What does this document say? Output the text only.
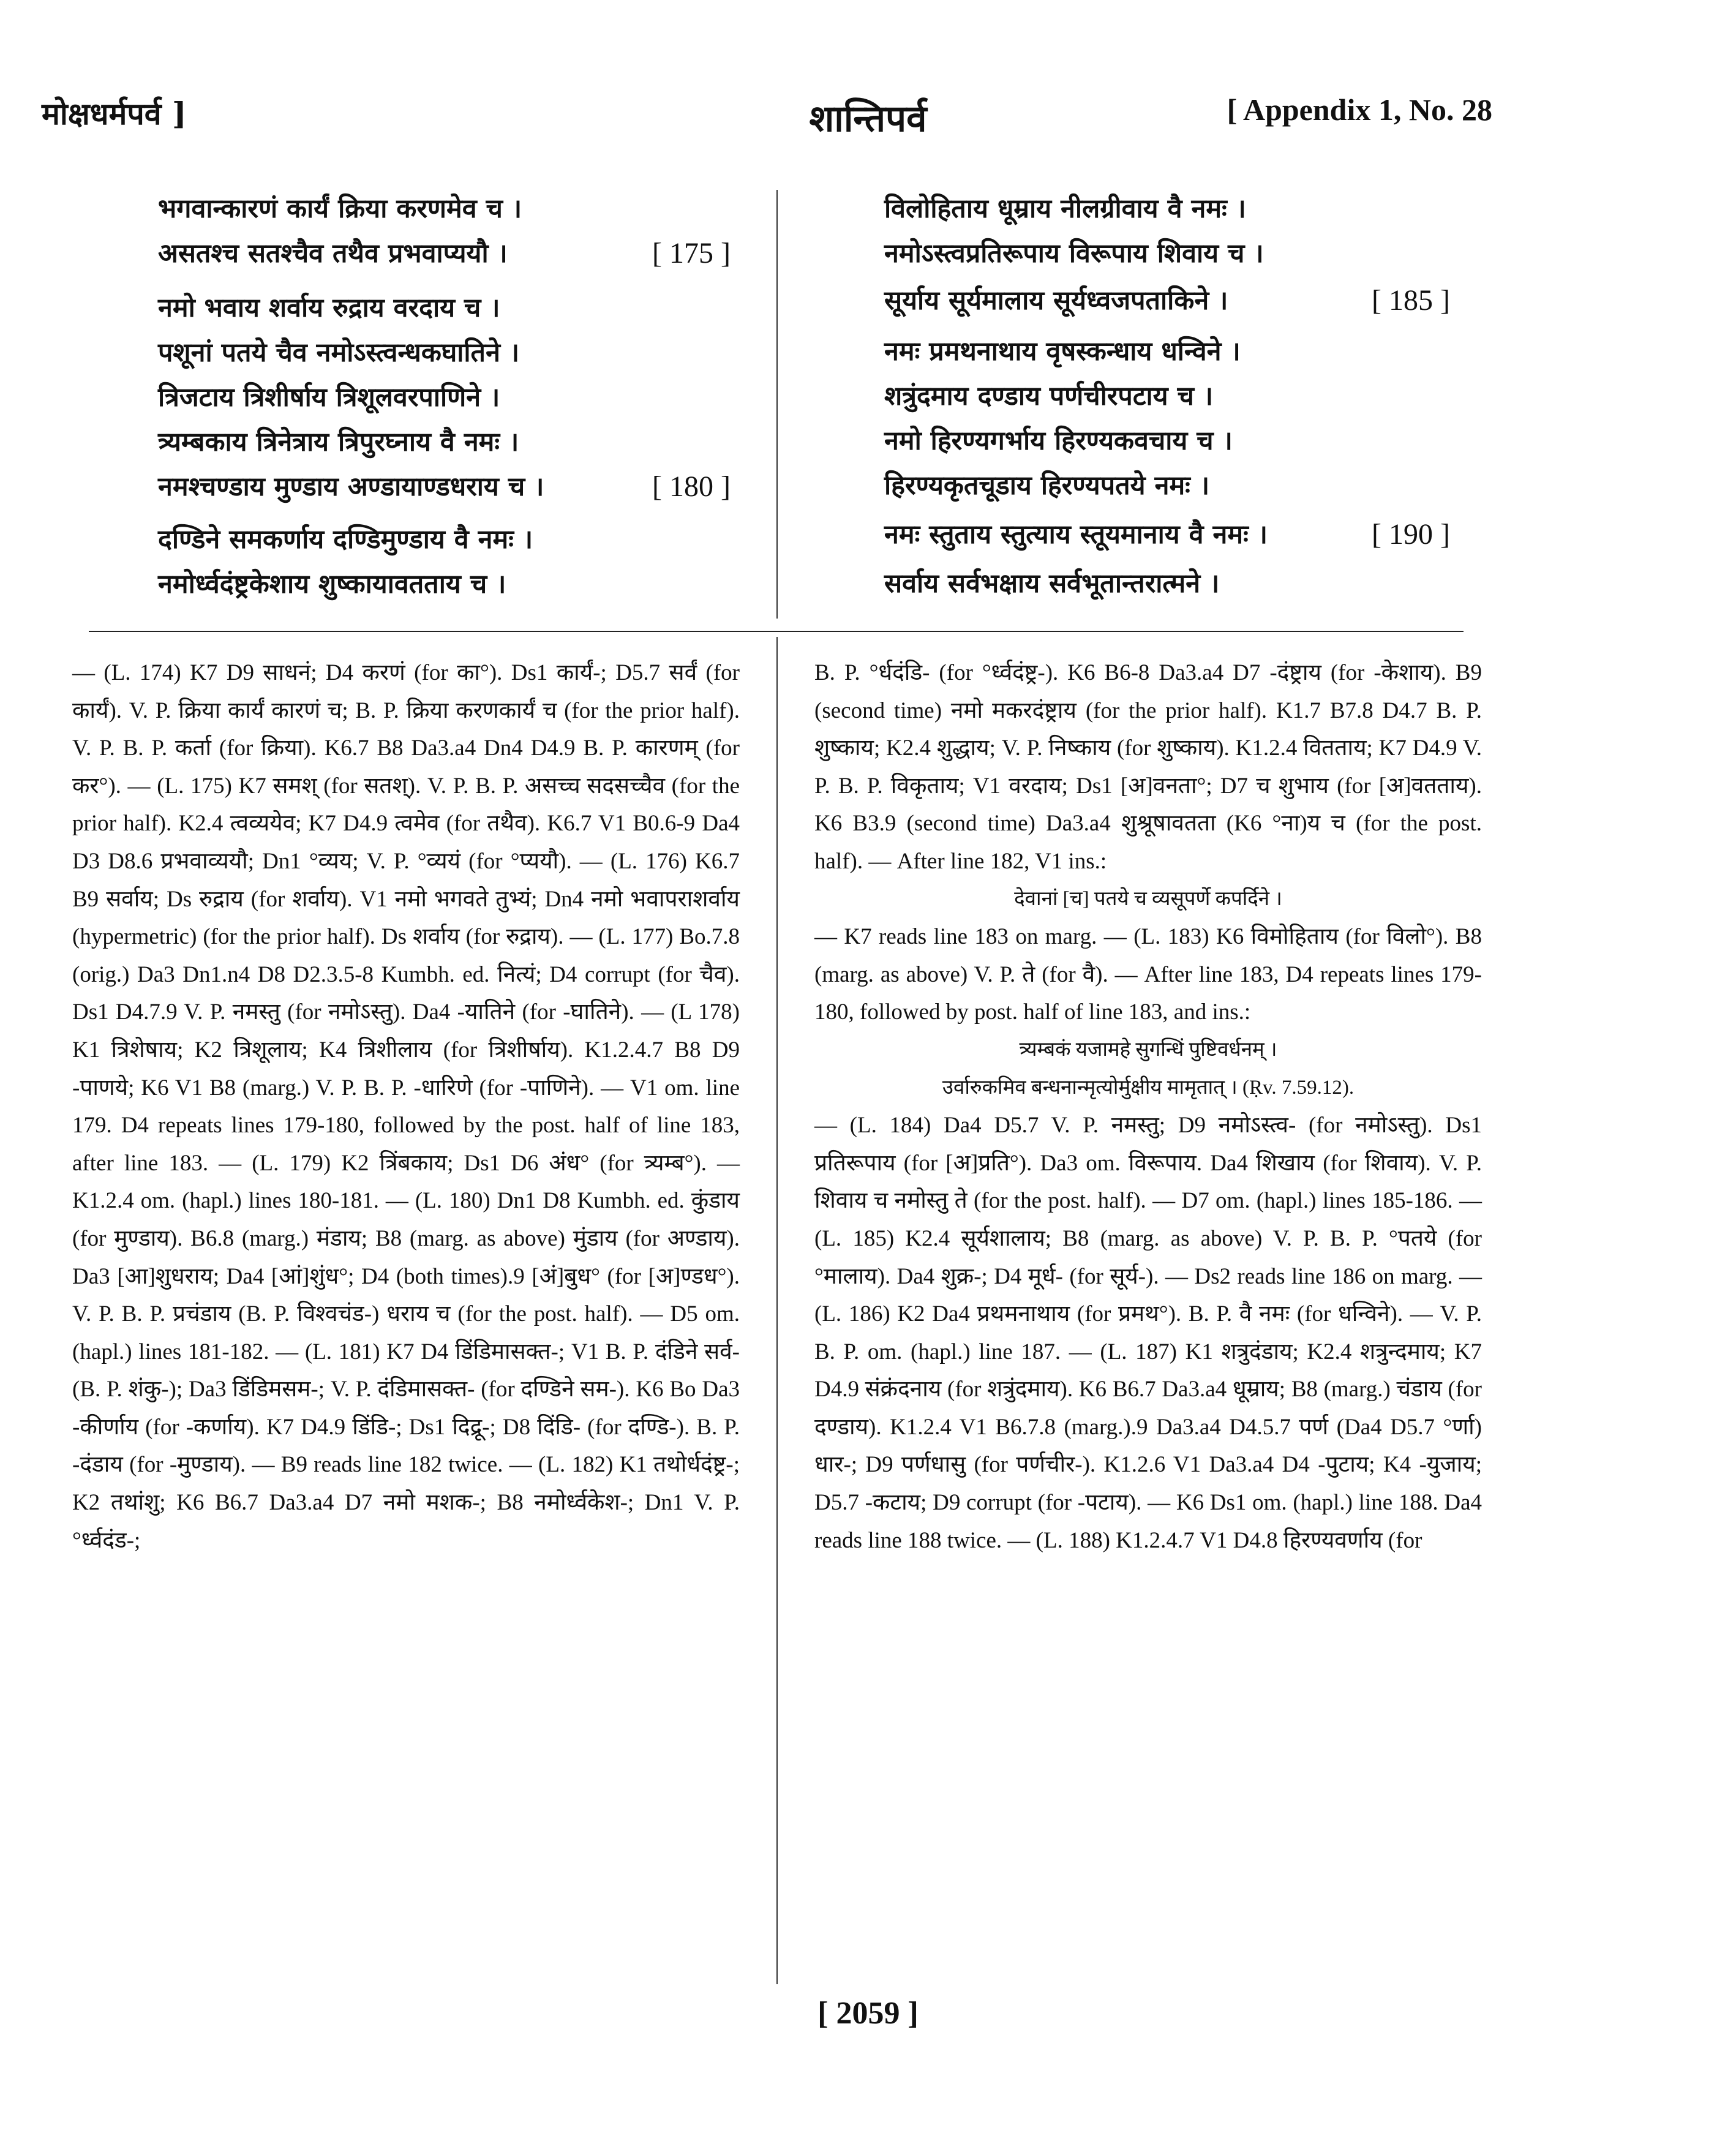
मोक्षधर्मपर्व ]	शान्तिपर्व	[ Appendix 1, No. 28
भगवान्कारणं कार्यं क्रिया करणमेव च ।
असतश्च सतश्चैव तथैव प्रभवाप्ययौ ।	[ 175 ]
नमो भवाय शर्वाय रुद्राय वरदाय च ।
पशूनां पतये चैव नमोऽस्त्वन्धकघातिने ।
त्रिजटाय त्रिशीर्षाय त्रिशूलवरपाणिने ।
त्र्यम्बकाय त्रिनेत्राय त्रिपुरघ्नाय वै नमः ।
नमश्चण्डाय मुण्डाय अण्डायाण्डधराय च ।	[ 180 ]
दण्डिने समकर्णाय दण्डिमुण्डाय वै नमः ।
नमोर्ध्वदंष्ट्रकेशाय शुष्कायावतताय च ।
विलोहिताय धूम्राय नीलग्रीवाय वै नमः ।
नमोऽस्त्वप्रतिरूपाय विरूपाय शिवाय च ।
सूर्याय सूर्यमालाय सूर्यध्वजपताकिने ।	[ 185 ]
नमः प्रमथनाथाय वृषस्कन्धाय धन्विने ।
शत्रुंदमाय दण्डाय पर्णचीरपटाय च ।
नमो हिरण्यगर्भाय हिरण्यकवचाय च ।
हिरण्यकृतचूडाय हिरण्यपतये नमः ।
नमः स्तुताय स्तुत्याय स्तूयमानाय वै नमः ।	[ 190 ]
सर्वाय सर्वभक्षाय सर्वभूतान्तरात्मने ।

— (L. 174) K7 D9 साधनं; D4 करणं (for का°). Ds1 कार्यं-; D5.7 सर्वं (for कार्यं). V. P. क्रिया कार्यं कारणं च; B. P. क्रिया करणकार्यं च (for the prior half). V. P. B. P. कर्ता (for क्रिया). K6.7 B8 Da3.a4 Dn4 D4.9 B. P. कारणम् (for कर°). — (L. 175) K7 समश् (for सतश्). V. P. B. P. असच्च सदसच्चैव (for the prior half). K2.4 त्वव्ययेव; K7 D4.9 त्वमेव (for तथैव). K6.7 V1 B0.6-9 Da4 D3 D8.6 प्रभवाव्ययौ; Dn1 °व्यय; V. P. °व्ययं (for °प्ययौ). — (L. 176) K6.7 B9 सर्वाय; Ds रुद्राय (for शर्वाय). V1 नमो भगवते तुभ्यं; Dn4 नमो भवापराशर्वाय (hypermetric) (for the prior half). Ds शर्वाय (for रुद्राय). — (L. 177) Bo.7.8 (orig.) Da3 Dn1.n4 D8 D2.3.5-8 Kumbh. ed. नित्यं; D4 corrupt (for चैव). Ds1 D4.7.9 V. P. नमस्तु (for नमोऽस्तु). Da4 -यातिने (for -घातिने). — (L 178) K1 त्रिशेषाय; K2 त्रिशूलाय; K4 त्रिशीलाय (for त्रिशीर्षाय). K1.2.4.7 B8 D9 -पाणये; K6 V1 B8 (marg.) V. P. B. P. -धारिणे (for -पाणिने). — V1 om. line 179. D4 repeats lines 179-180, followed by the post. half of line 183, after line 183. — (L. 179) K2 त्रिंबकाय; Ds1 D6 अंध° (for त्र्यम्ब°). — K1.2.4 om. (hapl.) lines 180-181. — (L. 180) Dn1 D8 Kumbh. ed. कुंडाय (for मुण्डाय). B6.8 (marg.) मंडाय; B8 (marg. as above) मुंडाय (for अण्डाय). Da3 [आ]शुधराय; Da4 [आं]शुंध°; D4 (both times).9 [अं]बुध° (for [अ]ण्डध°). V. P. B. P. प्रचंडाय (B. P. विश्वचंड-) धराय च (for the post. half). — D5 om. (hapl.) lines 181-182. — (L. 181) K7 D4 डिंडिमासक्त-; V1 B. P. दंडिने सर्व-(B. P. शंकु-); Da3 डिंडिमसम-; V. P. दंडिमासक्त- (for दण्डिने सम-). K6 Bo Da3 -कीर्णाय (for -कर्णाय). K7 D4.9 डिंडि-; Ds1 दिद्रू-; D8 दिंडि- (for दण्डि-). B. P. -दंडाय (for -मुण्डाय). — B9 reads line 182 twice. — (L. 182) K1 तथोर्धदंष्ट्र-; K2 तथांशु; K6 B6.7 Da3.a4 D7 नमो मशक-; B8 नमोर्ध्वकेश-; Dn1 V. P. °र्ध्वदंड-;

B. P. °र्धदंडि- (for °र्ध्वदंष्ट्र-). K6 B6-8 Da3.a4 D7 -दंष्ट्राय (for -केशाय). B9 (second time) नमो मकरदंष्ट्राय (for the prior half). K1.7 B7.8 D4.7 B. P. शुष्काय; K2.4 शुद्धाय; V. P. निष्काय (for शुष्काय). K1.2.4 वितताय; K7 D4.9 V. P. B. P. विकृताय; V1 वरदाय; Ds1 [अ]वनता°; D7 च शुभाय (for [अ]वतताय). K6 B3.9 (second time) Da3.a4 शुश्रूषावतता (K6 °ना)य च (for the post. half). — After line 182, V1 ins.:

देवानां [च] पतये च व्यसूपर्णे कपर्दिने ।

— K7 reads line 183 on marg. — (L. 183) K6 विमोहिताय (for विलो°). B8 (marg. as above) V. P. ते (for वै). — After line 183, D4 repeats lines 179-180, followed by post. half of line 183, and ins.:

त्र्यम्बकं यजामहे सुगन्धिं पुष्टिवर्धनम् ।

उर्वारुकमिव बन्धनान्मृत्योर्मुक्षीय मामृतात् । (Ṛv. 7.59.12).

— (L. 184) Da4 D5.7 V. P. नमस्तु; D9 नमोऽस्त्व- (for नमोऽस्तु). Ds1 प्रतिरूपाय (for [अ]प्रति°). Da3 om. विरूपाय. Da4 शिखाय (for शिवाय). V. P. शिवाय च नमोस्तु ते (for the post. half). — D7 om. (hapl.) lines 185-186. — (L. 185) K2.4 सूर्यशालाय; B8 (marg. as above) V. P. B. P. °पतये (for °मालाय). Da4 शुक्र-; D4 मूर्ध- (for सूर्य-). — Ds2 reads line 186 on marg. — (L. 186) K2 Da4 प्रथमनाथाय (for प्रमथ°). B. P. वै नमः (for धन्विने). — V. P. B. P. om. (hapl.) line 187. — (L. 187) K1 शत्रुदंडाय; K2.4 शत्रुन्दमाय; K7 D4.9 संक्रंदनाय (for शत्रुंदमाय). K6 B6.7 Da3.a4 धूम्राय; B8 (marg.) चंडाय (for दण्डाय). K1.2.4 V1 B6.7.8 (marg.).9 Da3.a4 D4.5.7 पर्ण (Da4 D5.7 °र्णा) धार-; D9 पर्णधासु (for पर्णचीर-). K1.2.6 V1 Da3.a4 D4 -पुटाय; K4 -युजाय; D5.7 -कटाय; D9 corrupt (for -पटाय). — K6 Ds1 om. (hapl.) line 188. Da4 reads line 188 twice. — (L. 188) K1.2.4.7 V1 D4.8 हिरण्यवर्णाय (for

[ 2059 ]
